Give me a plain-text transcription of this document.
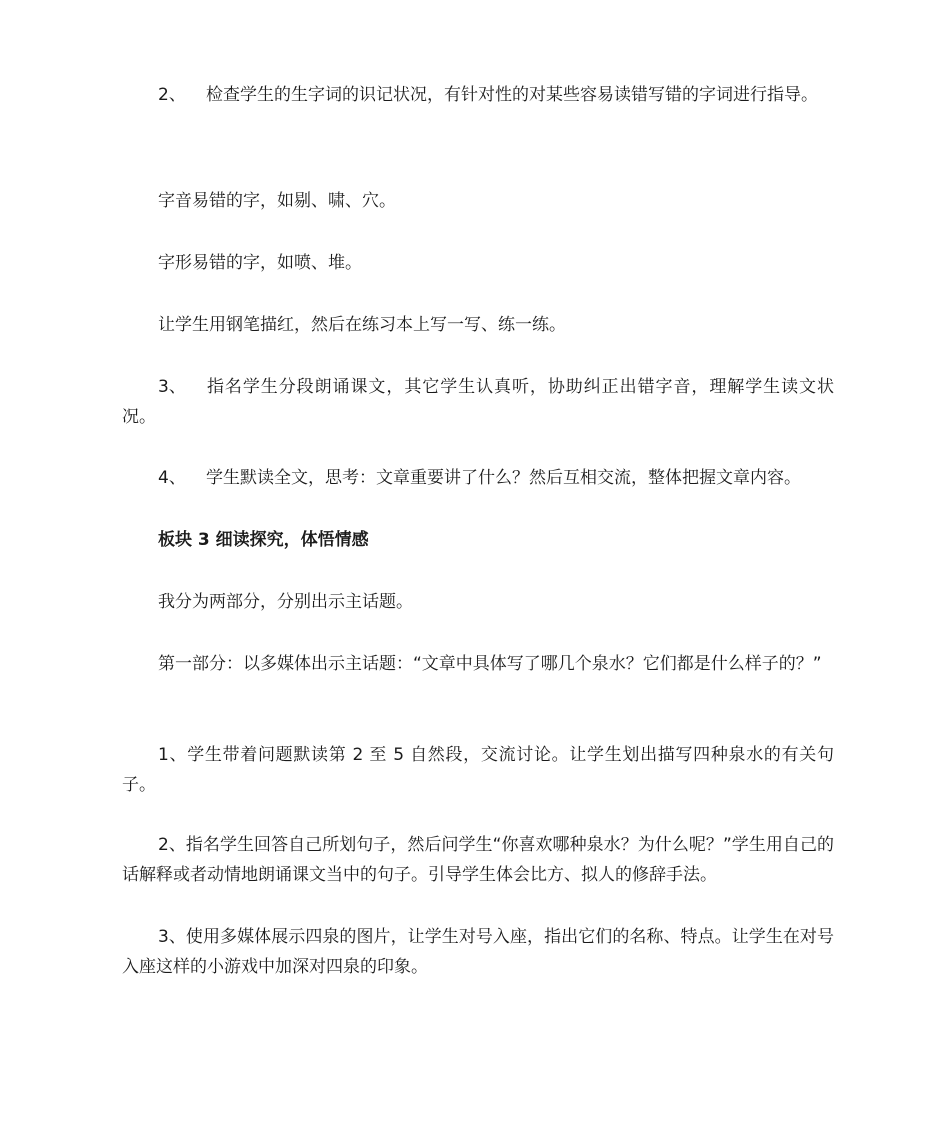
2、 检查学生的生字词的识记状况，有针对性的对某些容易读错写错的字词进行指导。

字音易错的字，如剔、啸、穴。

字形易错的字，如喷、堆。

让学生用钢笔描红，然后在练习本上写一写、练一练。

3、 指名学生分段朗诵课文，其它学生认真听，协助纠正出错字音，理解学生读文状况。

4、 学生默读全文，思考：文章重要讲了什么？然后互相交流，整体把握文章内容。

板块 3 细读探究，体悟情感

我分为两部分，分别出示主话题。

第一部分：以多媒体出示主话题：“文章中具体写了哪几个泉水？它们都是什么样子的？”

1、学生带着问题默读第 2 至 5 自然段，交流讨论。让学生划出描写四种泉水的有关句子。

2、指名学生回答自己所划句子，然后问学生“你喜欢哪种泉水？为什么呢？”学生用自己的话解释或者动情地朗诵课文当中的句子。引导学生体会比方、拟人的修辞手法。

3、使用多媒体展示四泉的图片，让学生对号入座，指出它们的名称、特点。让学生在对号入座这样的小游戏中加深对四泉的印象。
